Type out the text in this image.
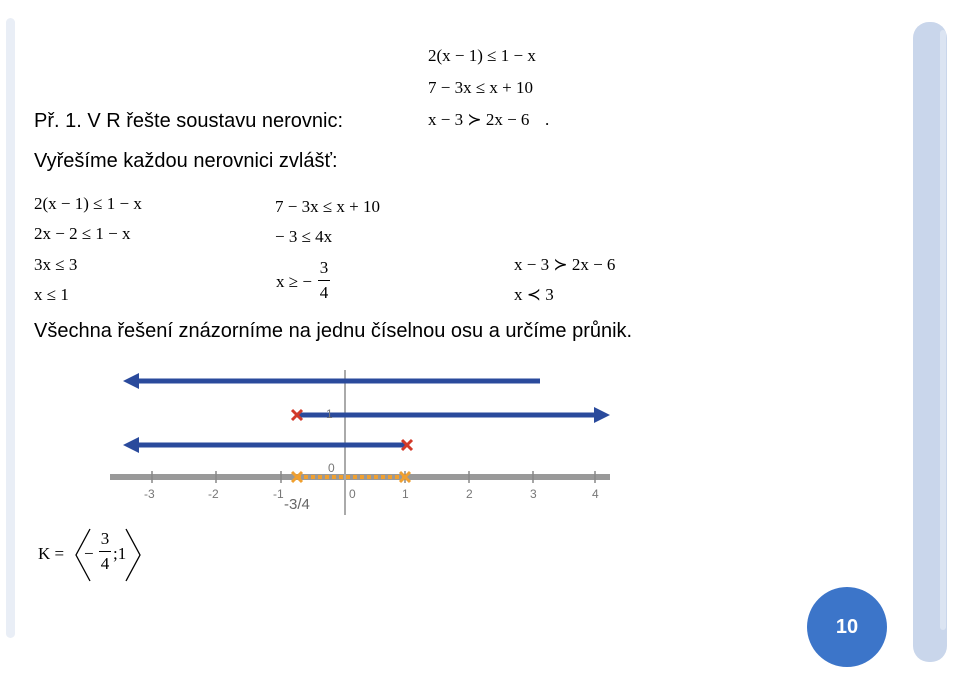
Př. 1. V R řešte soustavu nerovnic:
2(x − 1) ≤ 1 − x
7 − 3x ≤ x + 10
x − 3 ≻ 2x − 6 .
Vyřešíme každou nerovnici zvlášť:
2(x − 1) ≤ 1 − x
2x − 2 ≤ 1 − x
3x ≤ 3
x ≤ 1
7 − 3x ≤ x + 10
− 3 ≤ 4x
x ≥ −
3
4
x − 3 ≻ 2x − 6
x ≺ 3
Všechna řešení znázorníme na jednu číselnou osu a určíme průnik.
-3	-2	-1	0	1	2	3	4
1
0
-3/4
K = −
3
4
;1
10
